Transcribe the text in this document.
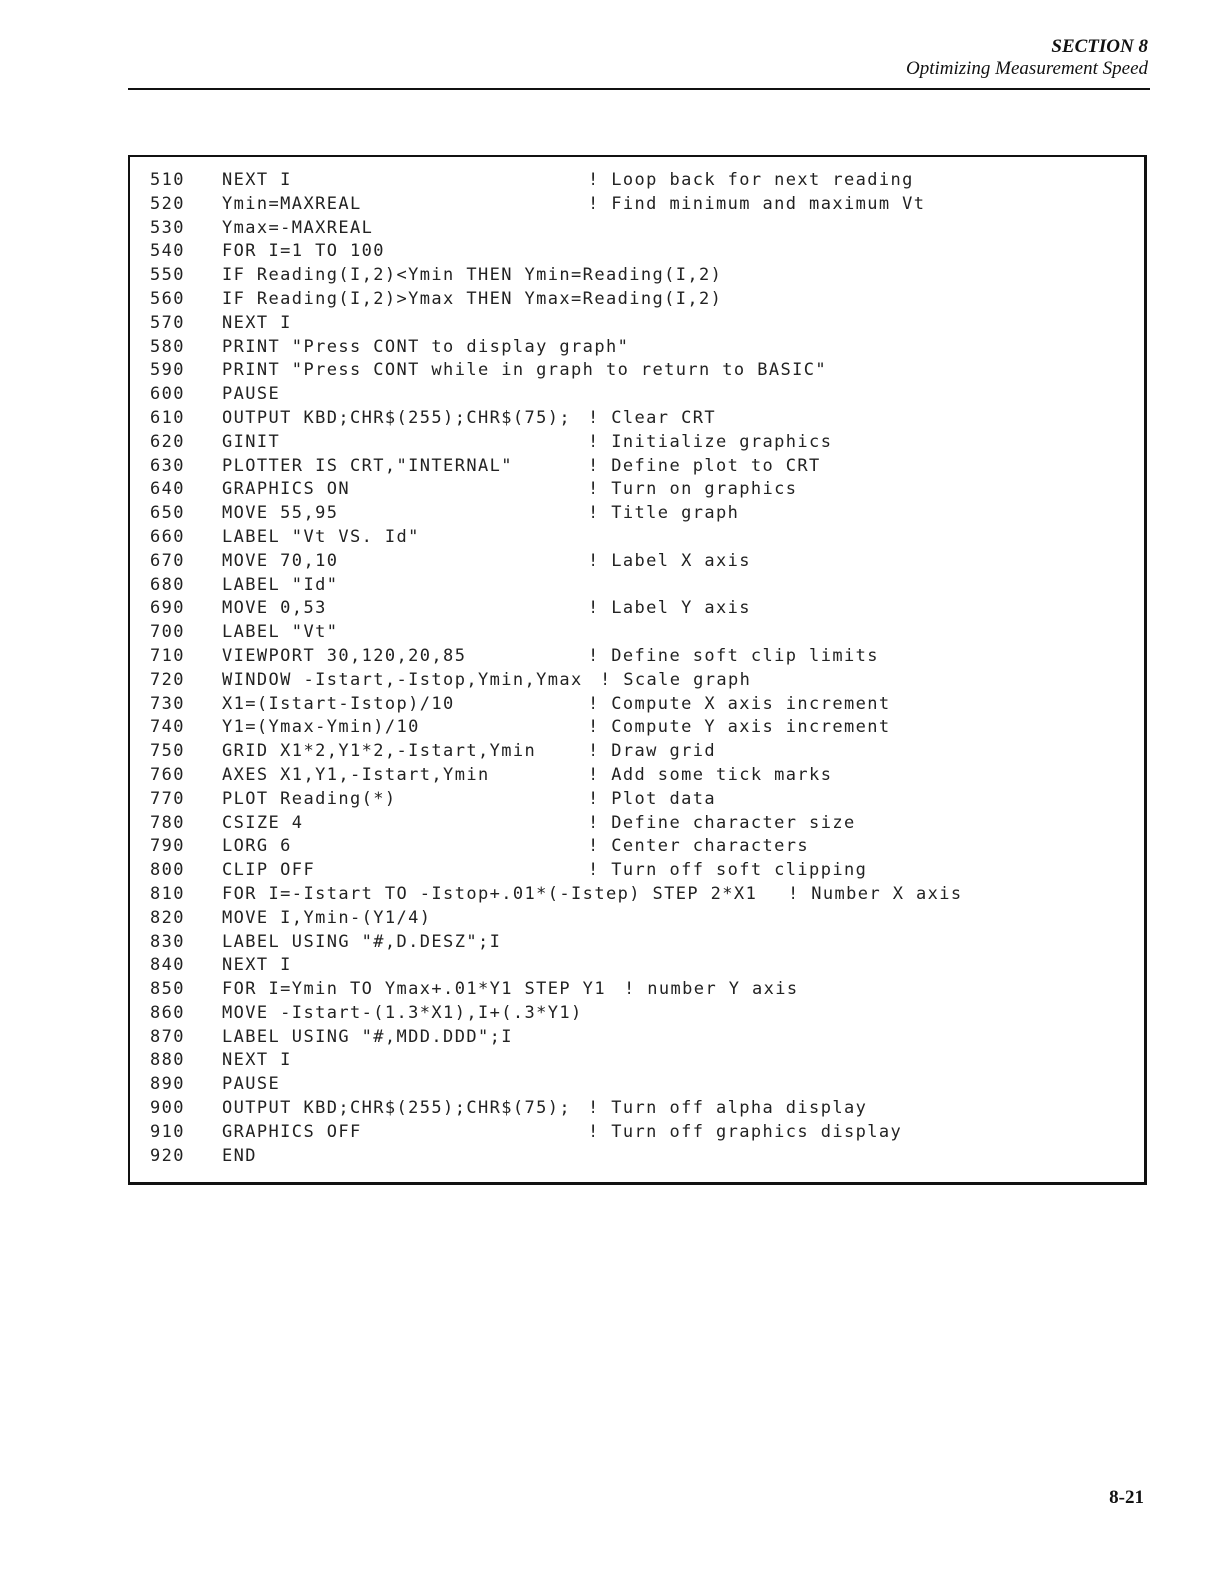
SECTION 8
Optimizing Measurement Speed
510 NEXT I	! Loop back for next reading
520 Ymin=MAXREAL	! Find minimum and maximum Vt
530 Ymax=-MAXREAL
540 FOR I=1 TO 100
550 IF Reading(I,2)<Ymin THEN Ymin=Reading(I,2)
560 IF Reading(I,2)>Ymax THEN Ymax=Reading(I,2)
570 NEXT I
580 PRINT "Press CONT to display graph"
590 PRINT "Press CONT while in graph to return to BASIC"
600 PAUSE
610 OUTPUT KBD;CHR$(255);CHR$(75); ! Clear CRT
620 GINIT	! Initialize graphics
630 PLOTTER IS CRT,"INTERNAL"	! Define plot to CRT
640 GRAPHICS ON	! Turn on graphics
650 MOVE 55,95	! Title graph
660 LABEL "Vt VS. Id"
670 MOVE 70,10	! Label X axis
680 LABEL "Id"
690 MOVE 0,53	! Label Y axis
700 LABEL "Vt"
710 VIEWPORT 30,120,20,85	! Define soft clip limits
720 WINDOW -Istart,-Istop,Ymin,Ymax ! Scale graph
730 X1=(Istart-Istop)/10	! Compute X axis increment
740 Y1=(Ymax-Ymin)/10	! Compute Y axis increment
750 GRID X1*2,Y1*2,-Istart,Ymin	! Draw grid
760 AXES X1,Y1,-Istart,Ymin	! Add some tick marks
770 PLOT Reading(*)	! Plot data
780 CSIZE 4	! Define character size
790 LORG 6	! Center characters
800 CLIP OFF	! Turn off soft clipping
810 FOR I=-Istart TO -Istop+.01*(-Istep) STEP 2*X1 ! Number X axis
820 MOVE I,Ymin-(Y1/4)
830 LABEL USING "#,D.DESZ";I
840 NEXT I
850 FOR I=Ymin TO Ymax+.01*Y1 STEP Y1 ! number Y axis
860 MOVE -Istart-(1.3*X1),I+(.3*Y1)
870 LABEL USING "#,MDD.DDD";I
880 NEXT I
890 PAUSE
900 OUTPUT KBD;CHR$(255);CHR$(75); ! Turn off alpha display
910 GRAPHICS OFF	! Turn off graphics display
920 END
8-21
